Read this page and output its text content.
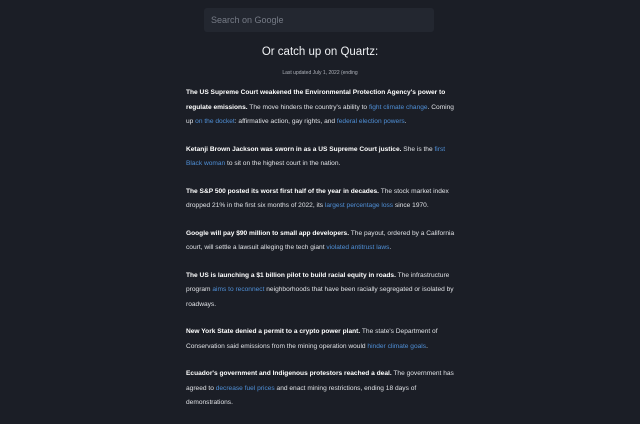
Search on Google
Or catch up on Quartz:
Last updated July 1, 2022 (ending

The US Supreme Court weakened the Environmental Protection Agency's power to regulate emissions. The move hinders the country's ability to fight climate change. Coming up on the docket: affirmative action, gay rights, and federal election powers.

Ketanji Brown Jackson was sworn in as a US Supreme Court justice. She is the first Black woman to sit on the highest court in the nation.

The S&P 500 posted its worst first half of the year in decades. The stock market index dropped 21% in the first six months of 2022, its largest percentage loss since 1970.

Google will pay $90 million to small app developers. The payout, ordered by a California court, will settle a lawsuit alleging the tech giant violated antitrust laws.

The US is launching a $1 billion pilot to build racial equity in roads. The infrastructure program aims to reconnect neighborhoods that have been racially segregated or isolated by roadways.

New York State denied a permit to a crypto power plant. The state's Department of Conservation said emissions from the mining operation would hinder climate goals.

Ecuador's government and Indigenous protestors reached a deal. The government has agreed to decrease fuel prices and enact mining restrictions, ending 18 days of demonstrations.
